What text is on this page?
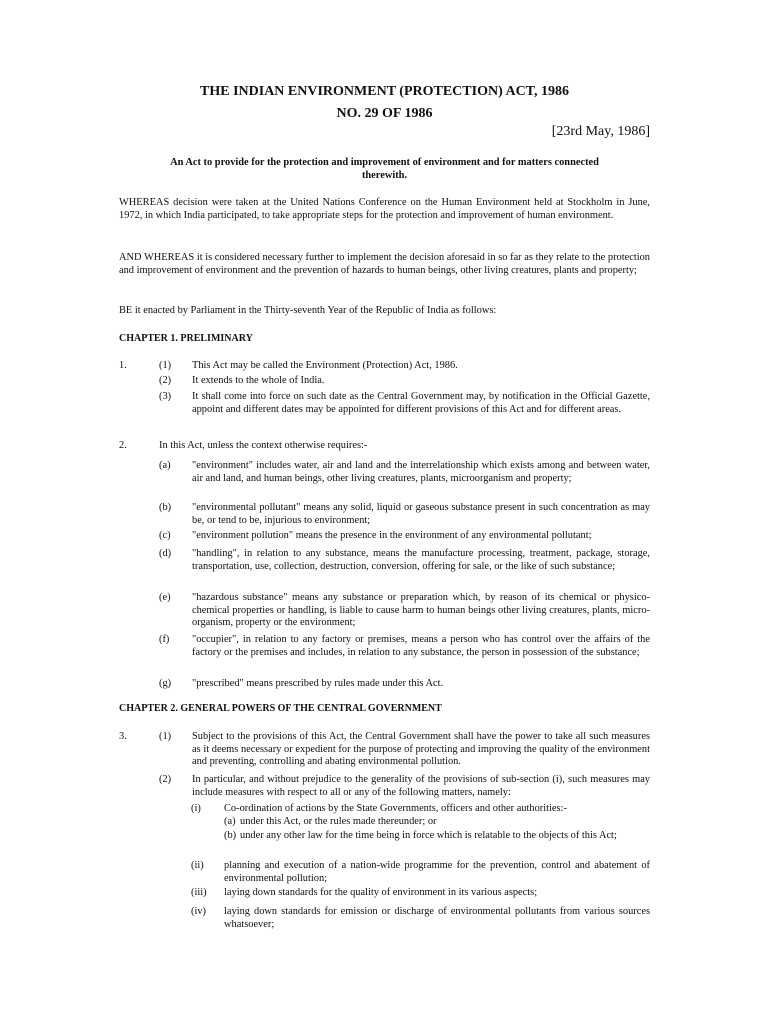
THE INDIAN ENVIRONMENT (PROTECTION) ACT, 1986
NO. 29 OF 1986
[23rd May, 1986]
An Act to provide for the protection and improvement of environment and for matters connected therewith.
WHEREAS decision were taken at the United Nations Conference on the Human Environment held at Stockholm in June, 1972, in which India participated, to take appropriate steps for the protection and improvement of human environment.
AND WHEREAS it is considered necessary further to implement the decision aforesaid in so far as they relate to the protection and improvement of environment and the prevention of hazards to human beings, other living creatures, plants and property;
BE it enacted by Parliament in the Thirty-seventh Year of the Republic of India as follows:
CHAPTER 1. PRELIMINARY
1.	(1)	This Act may be called the Environment (Protection) Act, 1986.
(2)	It extends to the whole of India.
(3)	It shall come into force on such date as the Central Government may, by notification in the Official Gazette, appoint and different dates may be appointed for different provisions of this Act and for different areas.
2.	In this Act, unless the context otherwise requires:-
(a)	"environment" includes water, air and land and the interrelationship which exists among and between water, air and land, and human beings, other living creatures, plants, microorganism and property;
(b)	"environmental pollutant" means any solid, liquid or gaseous substance present in such concentration as may be, or tend to be, injurious to environment;
(c)	"environment pollution" means the presence in the environment of any environmental pollutant;
(d)	"handling", in relation to any substance, means the manufacture processing, treatment, package, storage, transportation, use, collection, destruction, conversion, offering for sale, or the like of such substance;
(e)	"hazardous substance" means any substance or preparation which, by reason of its chemical or physico-chemical properties or handling, is liable to cause harm to human beings other living creatures, plants, micro-organism, property or the environment;
(f)	"occupier", in relation to any factory or premises, means a person who has control over the affairs of the factory or the premises and includes, in relation to any substance, the person in possession of the substance;
(g)	"prescribed" means prescribed by rules made under this Act.
CHAPTER 2. GENERAL POWERS OF THE CENTRAL GOVERNMENT
3.	(1)	Subject to the provisions of this Act, the Central Government shall have the power to take all such measures as it deems necessary or expedient for the purpose of protecting and improving the quality of the environment and preventing, controlling and abating environmental pollution.
(2)	In particular, and without prejudice to the generality of the provisions of sub-section (i), such measures may include measures with respect to all or any of the following matters, namely:
(i)	Co-ordination of actions by the State Governments, officers and other authorities:-
(a) under this Act, or the rules made thereunder; or
(b) under any other law for the time being in force which is relatable to the objects of this Act;
(ii)	planning and execution of a nation-wide programme for the prevention, control and abatement of environmental pollution;
(iii)	laying down standards for the quality of environment in its various aspects;
(iv)	laying down standards for emission or discharge of environmental pollutants from various sources whatsoever;
